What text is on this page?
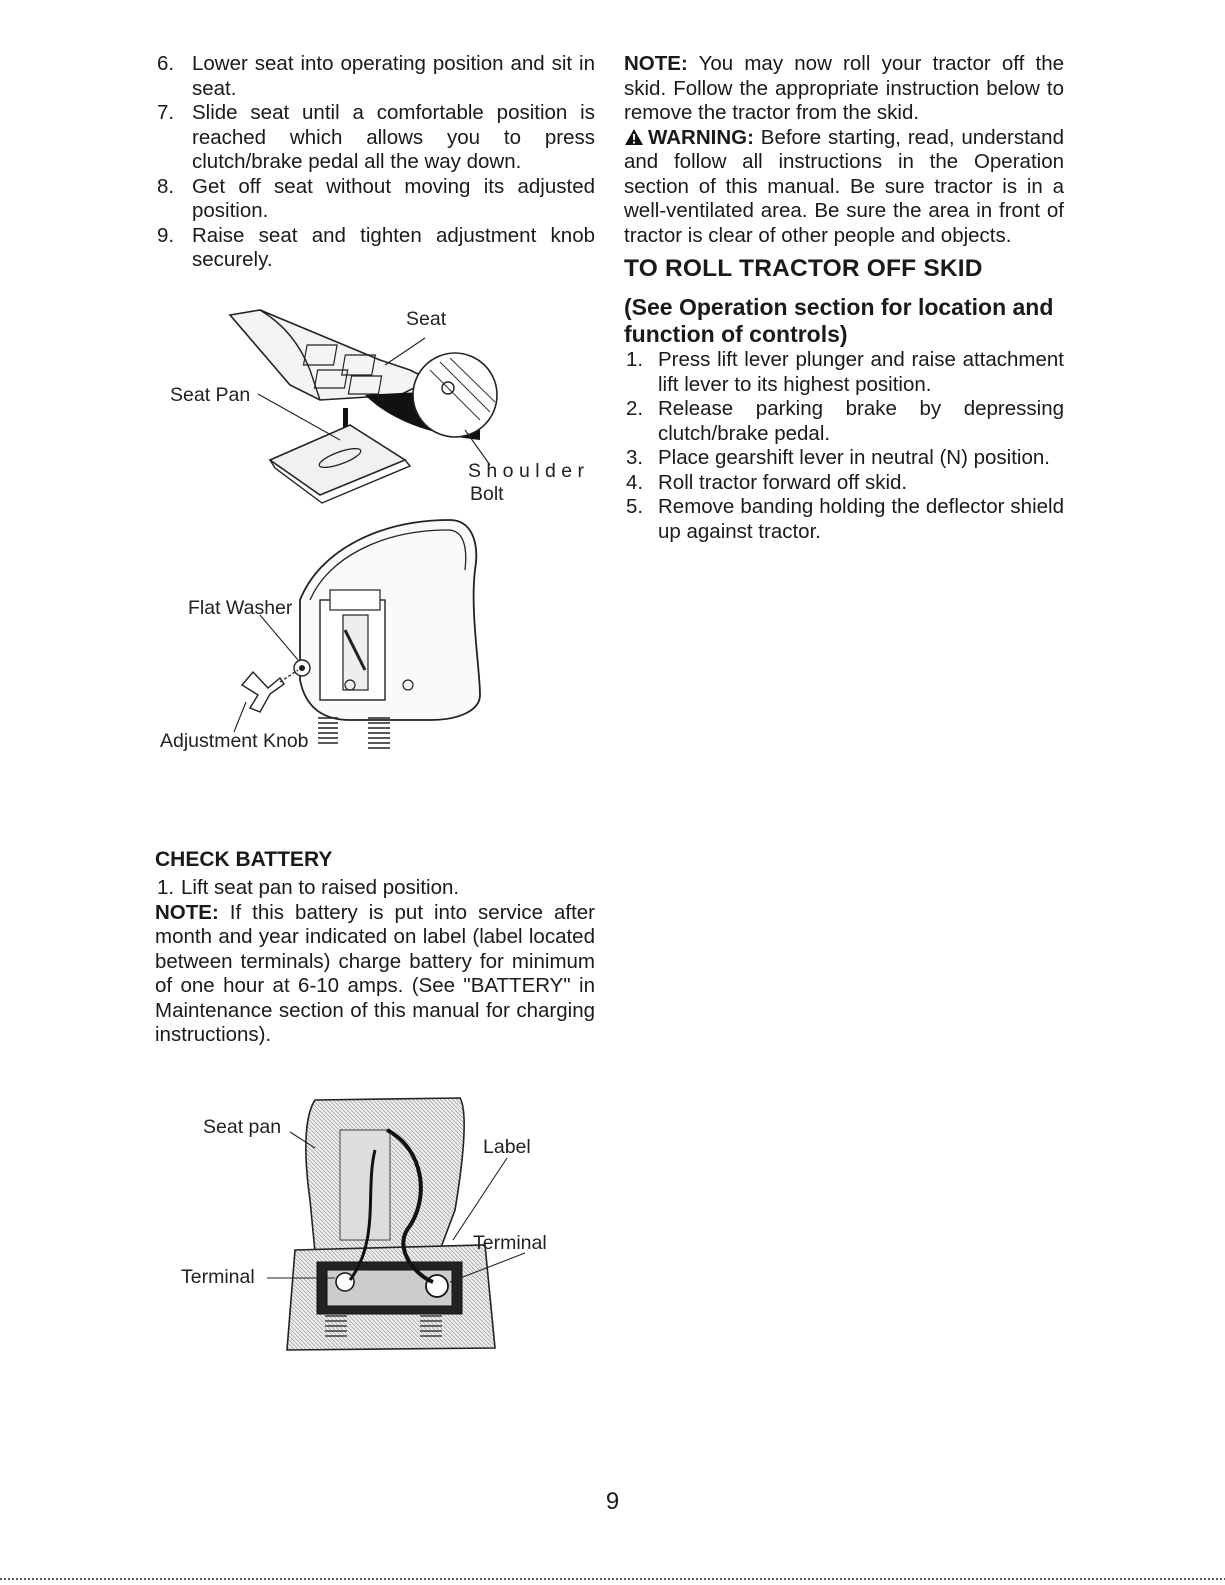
6. Lower seat into operating position and sit in seat.
7. Slide seat until a comfortable position is reached which allows you to press clutch/brake pedal all the way down.
8. Get off seat without moving its adjusted position.
9. Raise seat and tighten adjustment knob securely.
Seat
Seat Pan
S h o u l d e r
Bolt
Flat Washer
Adjustment Knob
CHECK BATTERY
1. Lift seat pan to raised position.

NOTE: If this battery is put into service after month and year indicated on label (label located between terminals) charge battery for minimum of one hour at 6-10 amps. (See "BATTERY" in Maintenance section of this manual for charging instructions).

Seat pan
Label
Terminal
Terminal

NOTE: You may now roll your tractor off the skid. Follow the appropriate instruction below to remove the tractor from the skid.

WARNING: Before starting, read, understand and follow all instructions in the Operation section of this manual. Be sure tractor is in a well-ventilated area. Be sure the area in front of tractor is clear of other people and objects.

TO ROLL TRACTOR OFF SKID
(See Operation section for location and function of controls)
1. Press lift lever plunger and raise attachment lift lever to its highest position.
2. Release parking brake by depressing clutch/brake pedal.
3. Place gearshift lever in neutral (N) position.
4. Roll tractor forward off skid.
5. Remove banding holding the deflector shield up against tractor.
9
